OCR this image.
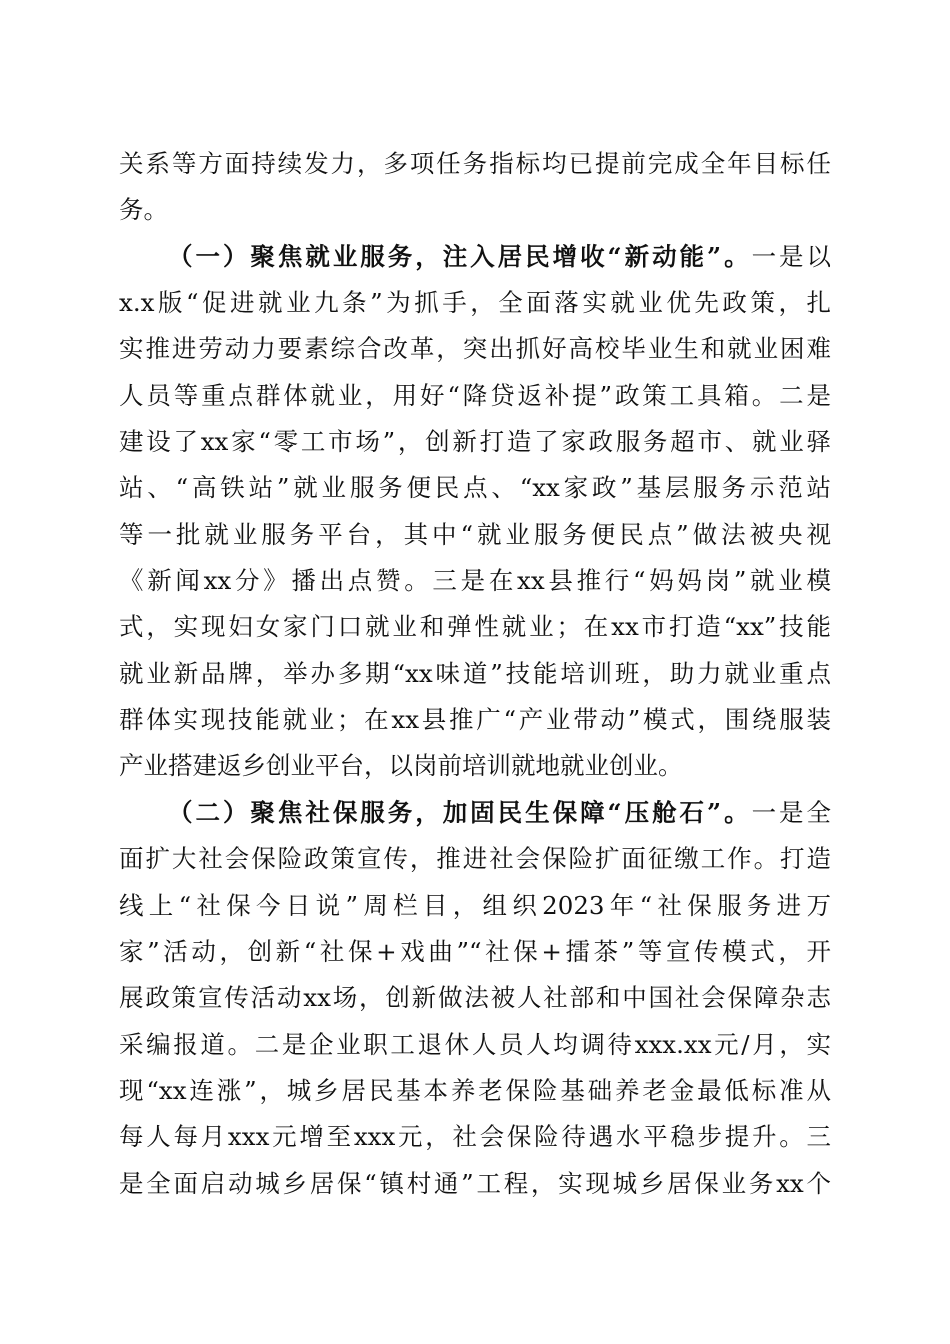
关系等方面持续发力，多项任务指标均已提前完成全年目标任
务。
（一）聚焦就业服务，注入居民增收“新动能”。一是以
x.x版“促进就业九条”为抓手，全面落实就业优先政策，扎
实推进劳动力要素综合改革，突出抓好高校毕业生和就业困难
人员等重点群体就业，用好“降贷返补提”政策工具箱。二是
建设了xx家“零工市场”，创新打造了家政服务超市、就业驿
站、“高铁站”就业服务便民点、“xx家政”基层服务示范站
等一批就业服务平台，其中“就业服务便民点”做法被央视
《新闻xx分》播出点赞。三是在xx县推行“妈妈岗”就业模
式，实现妇女家门口就业和弹性就业；在xx市打造“xx”技能
就业新品牌，举办多期“xx味道”技能培训班，助力就业重点
群体实现技能就业；在xx县推广“产业带动”模式，围绕服装
产业搭建返乡创业平台，以岗前培训就地就业创业。
（二）聚焦社保服务，加固民生保障“压舱石”。一是全
面扩大社会保险政策宣传，推进社会保险扩面征缴工作。打造
线上“社保今日说”周栏目，组织2023年“社保服务进万
家”活动，创新“社保+戏曲”“社保+擂茶”等宣传模式，开
展政策宣传活动xx场，创新做法被人社部和中国社会保障杂志
采编报道。二是企业职工退休人员人均调待xxx.xx元/月，实
现“xx连涨”，城乡居民基本养老保险基础养老金最低标准从
每人每月xxx元增至xxx元，社会保险待遇水平稳步提升。三
是全面启动城乡居保“镇村通”工程，实现城乡居保业务xx个
